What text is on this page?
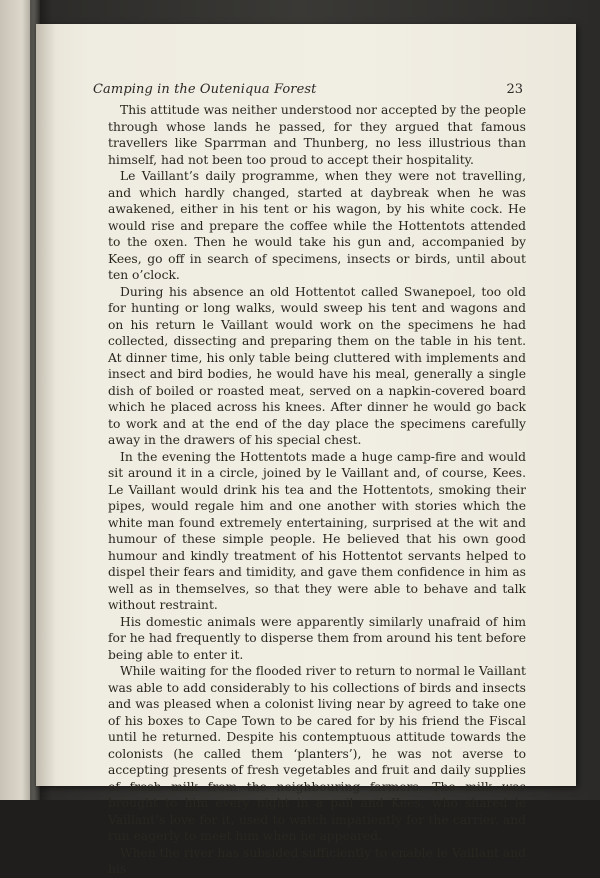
Camping in the Outeniqua Forest	23

This attitude was neither understood nor accepted by the people through whose lands he passed, for they argued that famous travellers like Sparrman and Thunberg, no less illustrious than himself, had not been too proud to accept their hospitality.

Le Vaillant’s daily programme, when they were not travelling, and which hardly changed, started at daybreak when he was awakened, either in his tent or his wagon, by his white cock. He would rise and prepare the coffee while the Hottentots attended to the oxen. Then he would take his gun and, accompanied by Kees, go off in search of specimens, insects or birds, until about ten o’clock.

During his absence an old Hottentot called Swanepoel, too old for hunting or long walks, would sweep his tent and wagons and on his return le Vaillant would work on the specimens he had collected, dissecting and preparing them on the table in his tent. At dinner time, his only table being cluttered with implements and insect and bird bodies, he would have his meal, generally a single dish of boiled or roasted meat, served on a napkin-covered board which he placed across his knees. After dinner he would go back to work and at the end of the day place the specimens carefully away in the drawers of his special chest.

In the evening the Hottentots made a huge camp-fire and would sit around it in a circle, joined by le Vaillant and, of course, Kees. Le Vaillant would drink his tea and the Hottentots, smoking their pipes, would regale him and one another with stories which the white man found extremely entertaining, surprised at the wit and humour of these simple people. He believed that his own good humour and kindly treatment of his Hottentot servants helped to dispel their fears and timidity, and gave them confidence in him as well as in themselves, so that they were able to behave and talk without restraint.

His domestic animals were apparently similarly unafraid of him for he had frequently to disperse them from around his tent before being able to enter it.

While waiting for the flooded river to return to normal le Vaillant was able to add considerably to his collections of birds and insects and was pleased when a colonist living near by agreed to take one of his boxes to Cape Town to be cared for by his friend the Fiscal until he returned. Despite his contemptuous attitude towards the colonists (he called them ‘planters’), he was not averse to accepting presents of fresh vegetables and fruit and daily supplies of fresh milk from the neighbouring farmers. The milk was brought to him every night in a pail and Kees, who shared le Vaillant’s love for it, used to watch impatiently for the carrier, and run eagerly to meet him when he appeared.

When the river has subsided sufficiently to enable le Vaillant and his
